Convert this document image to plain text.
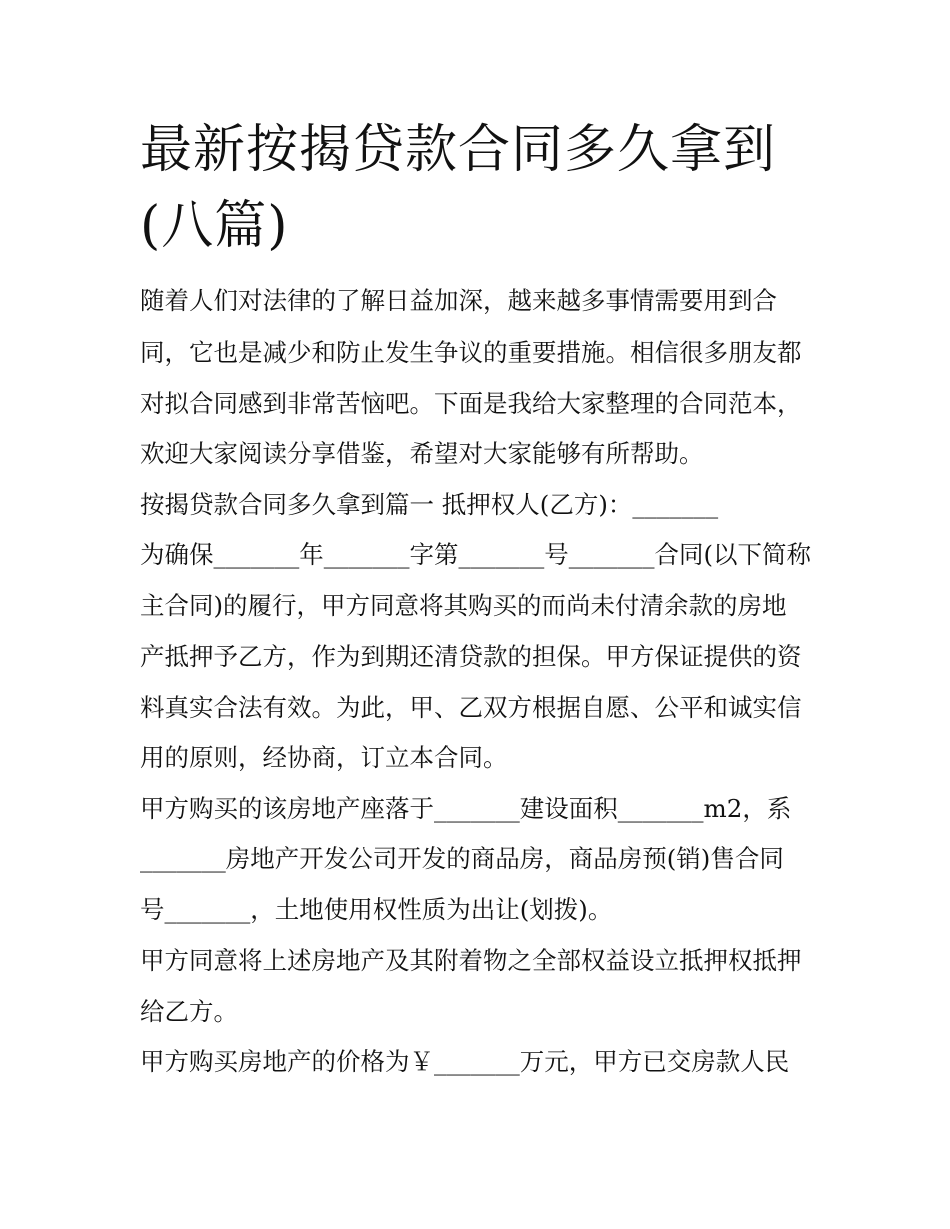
最新按揭贷款合同多久拿到(八篇)

随着人们对法律的了解日益加深，越来越多事情需要用到合

同，它也是减少和防止发生争议的重要措施。相信很多朋友都

对拟合同感到非常苦恼吧。下面是我给大家整理的合同范本，

欢迎大家阅读分享借鉴，希望对大家能够有所帮助。

按揭贷款合同多久拿到篇一 抵押权人(乙方)：_______

为确保_______年_______字第_______号_______合同(以下简称

主合同)的履行，甲方同意将其购买的而尚未付清余款的房地

产抵押予乙方，作为到期还清贷款的担保。甲方保证提供的资

料真实合法有效。为此，甲、乙双方根据自愿、公平和诚实信

用的原则，经协商，订立本合同。

甲方购买的该房地产座落于_______建设面积_______m2，系

_______房地产开发公司开发的商品房，商品房预(销)售合同

号_______，土地使用权性质为出让(划拨)。

甲方同意将上述房地产及其附着物之全部权益设立抵押权抵押

给乙方。

甲方购买房地产的价格为￥_______万元，甲方已交房款人民
